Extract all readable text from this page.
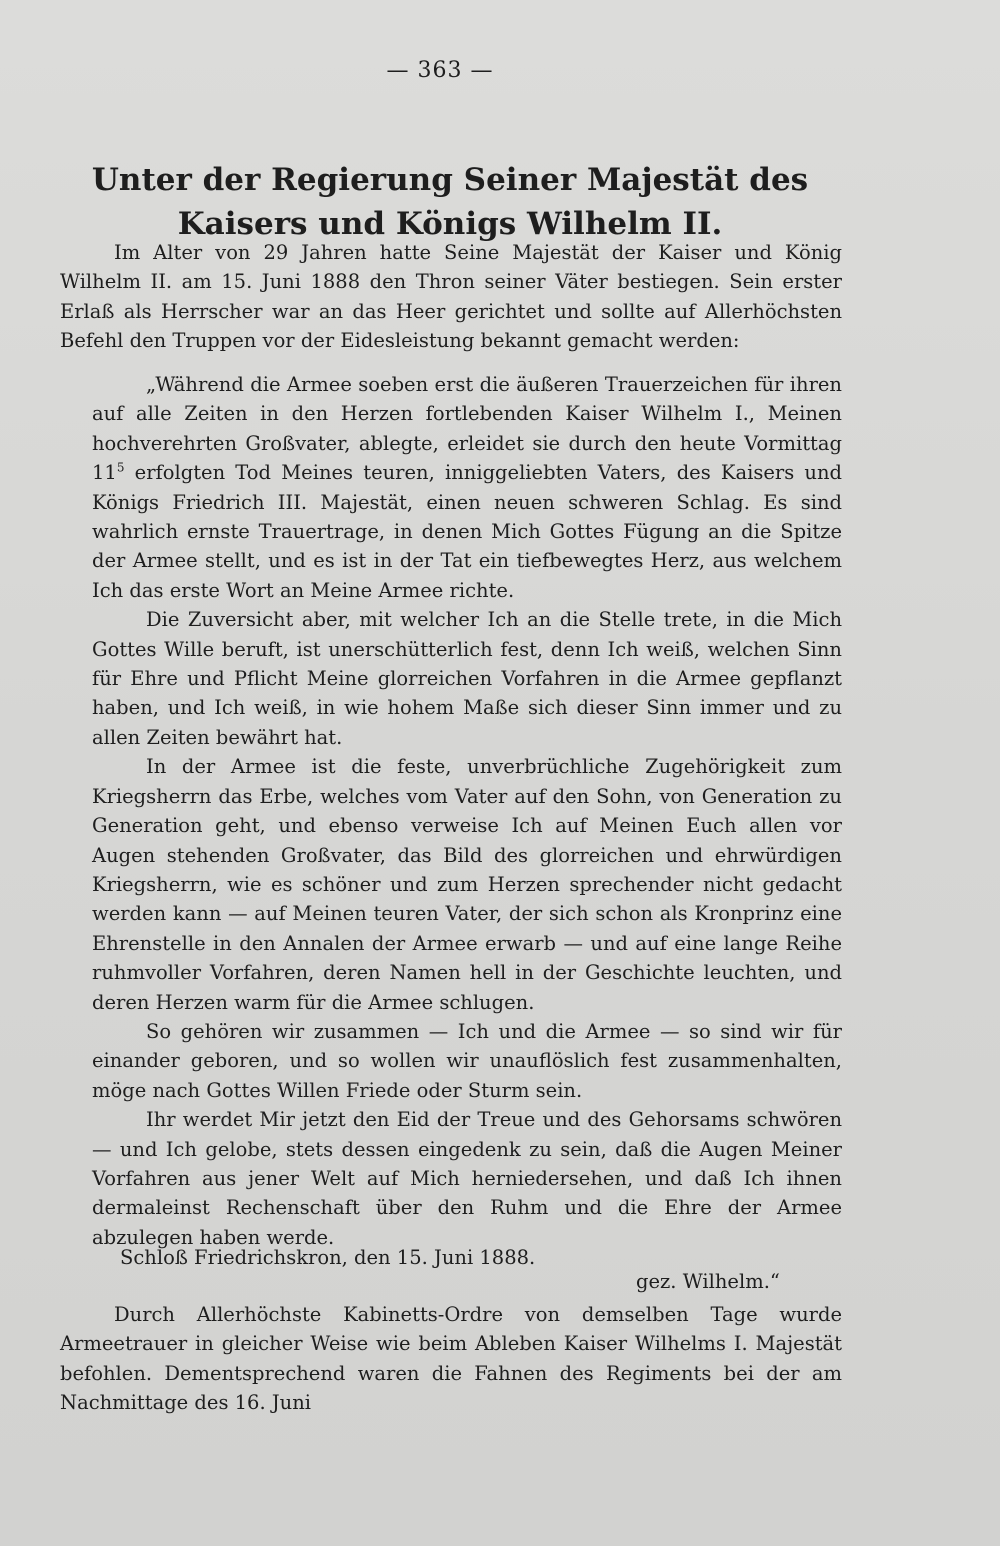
— 363 —
Unter der Regierung Seiner Majestät des
Kaisers und Königs Wilhelm II.

Im Alter von 29 Jahren hatte Seine Majestät der Kaiser und König Wilhelm II. am 15. Juni 1888 den Thron seiner Väter bestiegen. Sein erster Erlaß als Herrscher war an das Heer gerichtet und sollte auf Allerhöchsten Befehl den Truppen vor der Eidesleistung bekannt gemacht werden:

„Während die Armee soeben erst die äußeren Trauerzeichen für ihren auf alle Zeiten in den Herzen fortlebenden Kaiser Wilhelm I., Meinen hochverehrten Großvater, ablegte, erleidet sie durch den heute Vormittag $11^5$ erfolgten Tod Meines teuren, inniggeliebten Vaters, des Kaisers und Königs Friedrich III. Majestät, einen neuen schweren Schlag. Es sind wahrlich ernste Trauertrage, in denen Mich Gottes Fügung an die Spitze der Armee stellt, und es ist in der Tat ein tiefbewegtes Herz, aus welchem Ich das erste Wort an Meine Armee richte.

Die Zuversicht aber, mit welcher Ich an die Stelle trete, in die Mich Gottes Wille beruft, ist unerschütterlich fest, denn Ich weiß, welchen Sinn für Ehre und Pflicht Meine glorreichen Vorfahren in die Armee gepflanzt haben, und Ich weiß, in wie hohem Maße sich dieser Sinn immer und zu allen Zeiten bewährt hat.

In der Armee ist die feste, unverbrüchliche Zugehörigkeit zum Kriegsherrn das Erbe, welches vom Vater auf den Sohn, von Generation zu Generation geht, und ebenso verweise Ich auf Meinen Euch allen vor Augen stehenden Großvater, das Bild des glorreichen und ehrwürdigen Kriegsherrn, wie es schöner und zum Herzen sprechender nicht gedacht werden kann — auf Meinen teuren Vater, der sich schon als Kronprinz eine Ehrenstelle in den Annalen der Armee erwarb — und auf eine lange Reihe ruhmvoller Vorfahren, deren Namen hell in der Geschichte leuchten, und deren Herzen warm für die Armee schlugen.

So gehören wir zusammen — Ich und die Armee — so sind wir für einander geboren, und so wollen wir unauflöslich fest zusammenhalten, möge nach Gottes Willen Friede oder Sturm sein.

Ihr werdet Mir jetzt den Eid der Treue und des Gehorsams schwören — und Ich gelobe, stets dessen eingedenk zu sein, daß die Augen Meiner Vorfahren aus jener Welt auf Mich herniedersehen, und daß Ich ihnen dermaleinst Rechenschaft über den Ruhm und die Ehre der Armee abzulegen haben werde.

Schloß Friedrichskron, den 15. Juni 1888.
gez. Wilhelm.“

Durch Allerhöchste Kabinetts-Ordre von demselben Tage wurde Armeetrauer in gleicher Weise wie beim Ableben Kaiser Wilhelms I. Majestät befohlen. Dementsprechend waren die Fahnen des Regiments bei der am Nachmittage des 16. Juni
